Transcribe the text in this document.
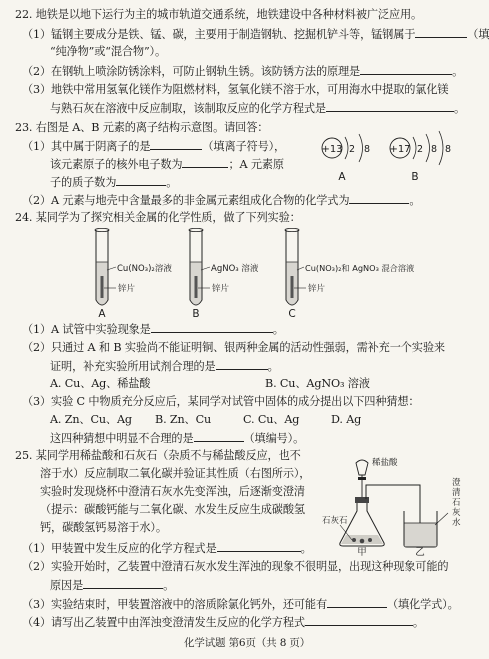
22. 地铁是以地下运行为主的城市轨道交通系统，地铁建设中各种材料被广泛应用。
（1）锰钢主要成分是铁、锰、碳，主要用于制造钢轨、挖掘机铲斗等，锰钢属于	（填
“纯净物”或“混合物”）。
（2）在钢轨上喷涂防锈涂料，可防止钢轨生锈。该防锈方法的原理是	。
（3）地铁中常用氢氧化镁作为阻燃材料，氢氧化镁不溶于水，可用海水中提取的氯化镁
与熟石灰在溶液中反应制取，该制取反应的化学方程式是	。
23. 右图是 A、B 元素的离子结构示意图。请回答：
（1）其中属于阴离子的是	（填离子符号），
该元素原子的核外电子数为	；A 元素原
子的质子数为	。
（2）A 元素与地壳中含量最多的非金属元素组成化合物的化学式为	。
+13 2 8
A
+17 2 8 8
B
24. 某同学为了探究相关金属的化学性质，做了下列实验：
Cu(NO₃)₂溶液
锌片
A
AgNO₃ 溶液
锌片
B
Cu(NO₃)₂和 AgNO₃ 混合溶液
锌片
C
（1）A 试管中实验现象是	。
（2）只通过 A 和 B 实验尚不能证明铜、银两种金属的活动性强弱，需补充一个实验来
证明，补充实验所用试剂合理的是	。
A. Cu、Ag、稀盐酸	B. Cu、AgNO₃ 溶液
（3）实验 C 中物质充分反应后，某同学对试管中固体的成分提出以下四种猜想：
A. Zn、Cu、Ag B. Zn、Cu	C. Cu、Ag	D. Ag
这四种猜想中明显不合理的是	（填编号）。
25. 某同学用稀盐酸和石灰石（杂质不与稀盐酸反应，也不
溶于水）反应制取二氧化碳并验证其性质（右图所示），
实验时发现烧杯中澄清石灰水先变浑浊，后逐渐变澄清
（提示：碳酸钙能与二氧化碳、水发生反应生成碳酸氢
钙，碳酸氢钙易溶于水）。
稀盐酸
石灰石
甲	乙
澄
清
石
灰
水
（1）甲装置中发生反应的化学方程式是	。
（2）实验开始时，乙装置中澄清石灰水发生浑浊的现象不很明显，出现这种现象可能的
原因是	。
（3）实验结束时，甲装置溶液中的溶质除氯化钙外，还可能有	（填化学式）。
（4）请写出乙装置中由浑浊变澄清发生反应的化学方程式	。
化学试题 第6页（共 8 页）
